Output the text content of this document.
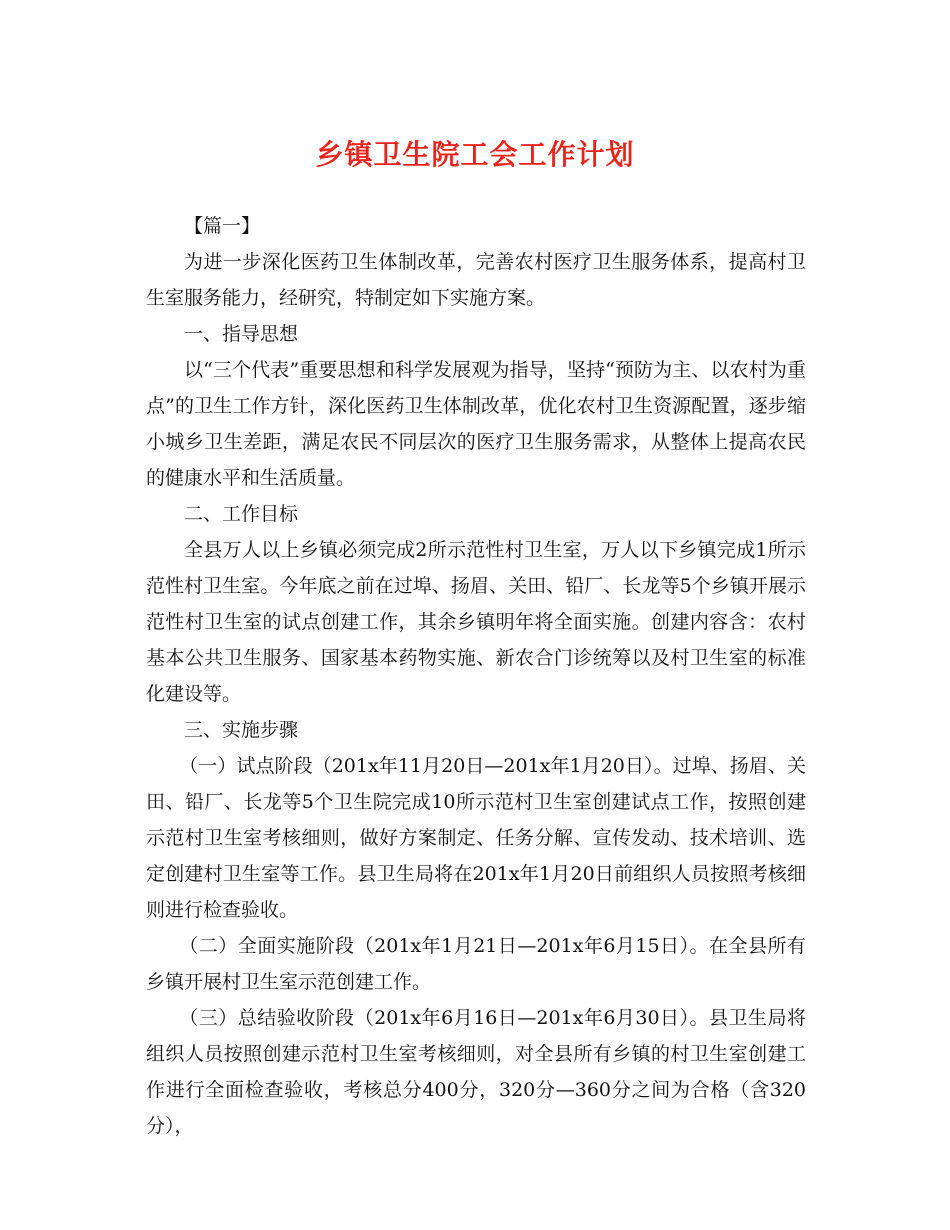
乡镇卫生院工会工作计划

【篇一】

为进一步深化医药卫生体制改革，完善农村医疗卫生服务体系，提高村卫生室服务能力，经研究，特制定如下实施方案。

一、指导思想

以“三个代表”重要思想和科学发展观为指导，坚持“预防为主、以农村为重点”的卫生工作方针，深化医药卫生体制改革，优化农村卫生资源配置，逐步缩小城乡卫生差距，满足农民不同层次的医疗卫生服务需求，从整体上提高农民的健康水平和生活质量。

二、工作目标

全县万人以上乡镇必须完成2所示范性村卫生室，万人以下乡镇完成1所示范性村卫生室。今年底之前在过埠、扬眉、关田、铅厂、长龙等5个乡镇开展示范性村卫生室的试点创建工作，其余乡镇明年将全面实施。创建内容含：农村基本公共卫生服务、国家基本药物实施、新农合门诊统筹以及村卫生室的标准化建设等。

三、实施步骤

（一）试点阶段（201x年11月20日—201x年1月20日）。过埠、扬眉、关田、铅厂、长龙等5个卫生院完成10所示范村卫生室创建试点工作，按照创建示范村卫生室考核细则，做好方案制定、任务分解、宣传发动、技术培训、选定创建村卫生室等工作。县卫生局将在201x年1月20日前组织人员按照考核细则进行检查验收。

（二）全面实施阶段（201x年1月21日—201x年6月15日）。在全县所有乡镇开展村卫生室示范创建工作。

（三）总结验收阶段（201x年6月16日—201x年6月30日）。县卫生局将组织人员按照创建示范村卫生室考核细则，对全县所有乡镇的村卫生室创建工作进行全面检查验收，考核总分400分，320分—360分之间为合格（含320分），
